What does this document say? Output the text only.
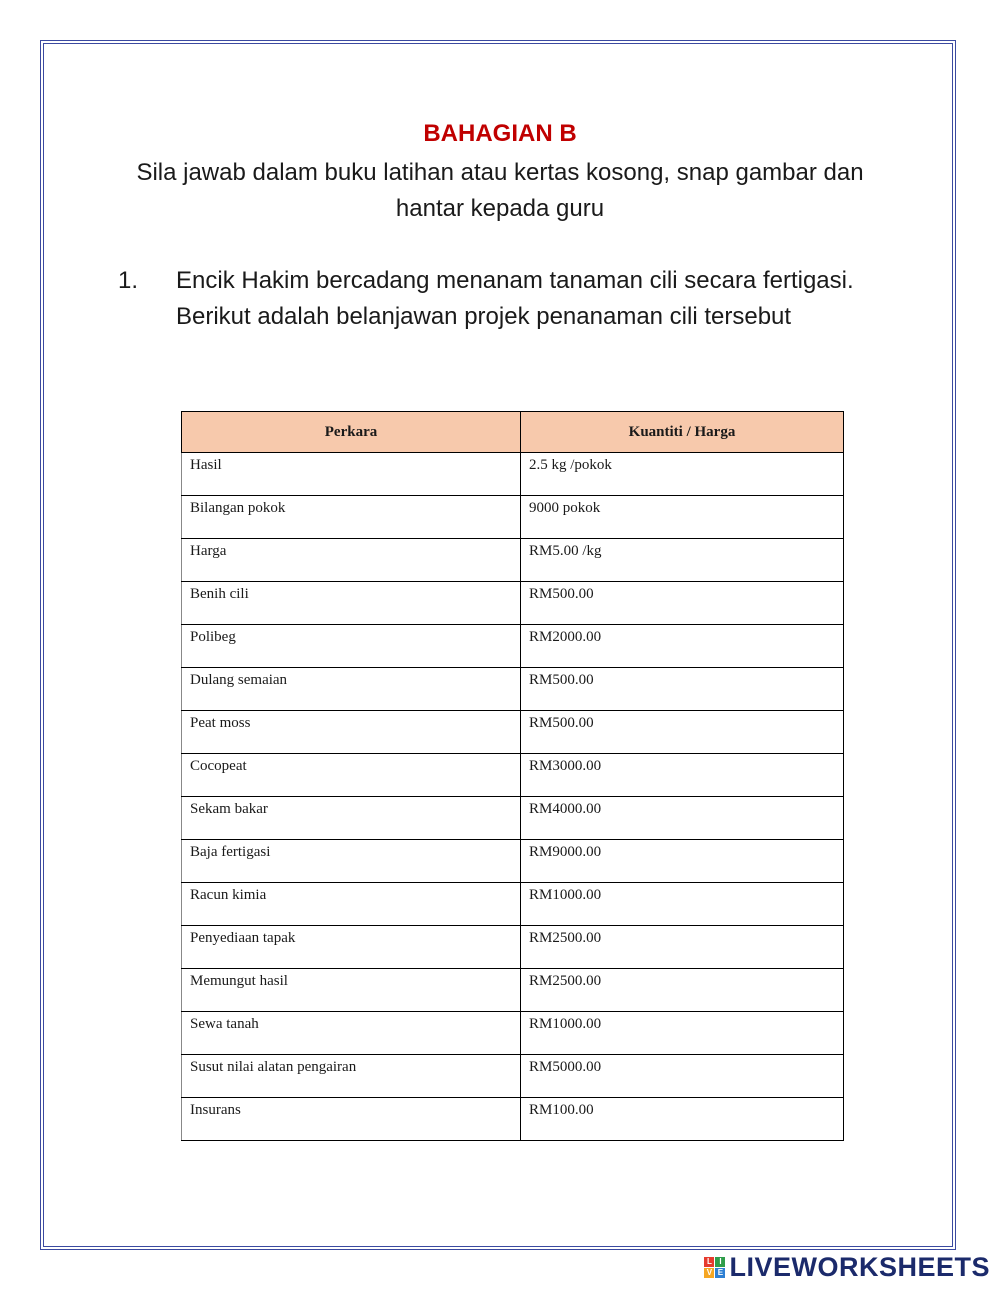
BAHAGIAN B
Sila jawab dalam buku latihan atau kertas kosong, snap gambar dan hantar kepada guru
1. Encik Hakim bercadang menanam tanaman cili secara fertigasi. Berikut adalah belanjawan projek penanaman cili tersebut
Perkara	Kuantiti / Harga
Hasil	2.5 kg /pokok
Bilangan pokok	9000 pokok
Harga	RM5.00 /kg
Benih cili	RM500.00
Polibeg	RM2000.00
Dulang semaian	RM500.00
Peat moss	RM500.00
Cocopeat	RM3000.00
Sekam bakar	RM4000.00
Baja fertigasi	RM9000.00
Racun kimia	RM1000.00
Penyediaan tapak	RM2500.00
Memungut hasil	RM2500.00
Sewa tanah	RM1000.00
Susut nilai alatan pengairan	RM5000.00
Insurans	RM100.00
L I
V E LIVEWORKSHEETS
